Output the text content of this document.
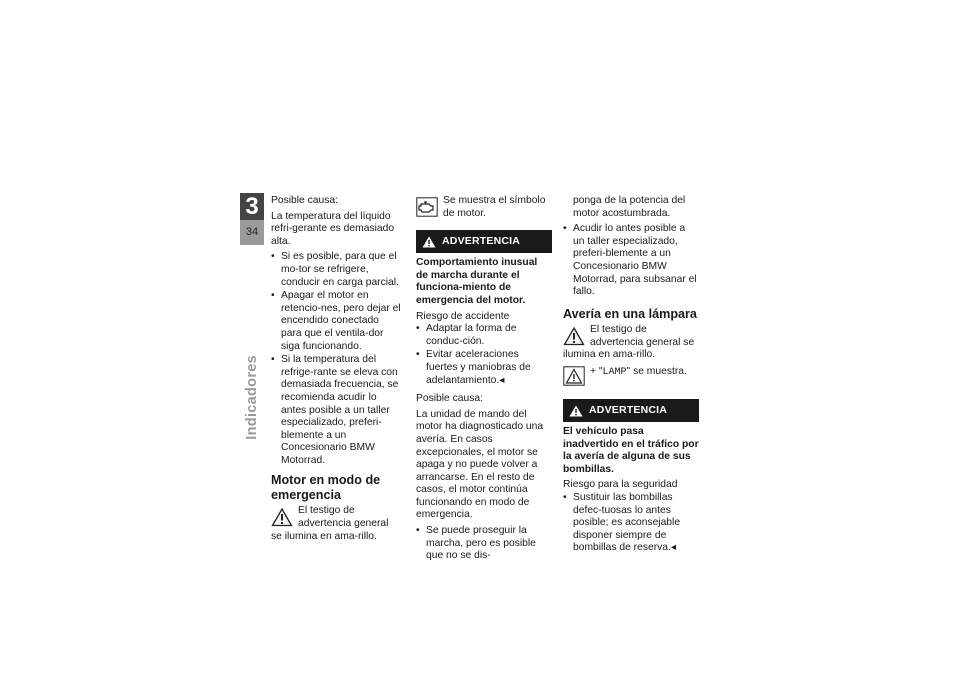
3
34
Indicadores

Posible causa:

La temperatura del líquido refri-gerante es demasiado alta.

• Si es posible, para que el mo-tor se refrigere, conducir en carga parcial.
• Apagar el motor en retencio-nes, pero dejar el encendido conectado para que el ventila-dor siga funcionando.
• Si la temperatura del refrige-rante se eleva con demasiada frecuencia, se recomienda acudir lo antes posible a un taller especializado, preferi-blemente a un Concesionario BMW Motorrad.
Motor en modo de emergencia
El testigo de advertencia general se ilumina en ama-rillo.
Se muestra el símbolo de motor.
ADVERTENCIA

Comportamiento inusual de marcha durante el funciona-miento de emergencia del motor.

Riesgo de accidente

• Adaptar la forma de conduc-ción.
• Evitar aceleraciones fuertes y maniobras de adelantamiento.◂

Posible causa:

La unidad de mando del motor ha diagnosticado una avería. En casos excepcionales, el motor se apaga y no puede volver a arrancarse. En el resto de casos, el motor continúa funcionando en modo de emergencia.

• Se puede proseguir la marcha, pero es posible que no se dis-

ponga de la potencia del motor acostumbrada.

• Acudir lo antes posible a un taller especializado, preferi-blemente a un Concesionario BMW Motorrad, para subsanar el fallo.
Avería en una lámpara
El testigo de advertencia general se ilumina en ama-rillo.
+ "LAMP" se muestra.
ADVERTENCIA

El vehículo pasa inadvertido en el tráfico por la avería de alguna de sus bombillas.

Riesgo para la seguridad

• Sustituir las bombillas defec-tuosas lo antes posible; es aconsejable disponer siempre de bombillas de reserva.◂
